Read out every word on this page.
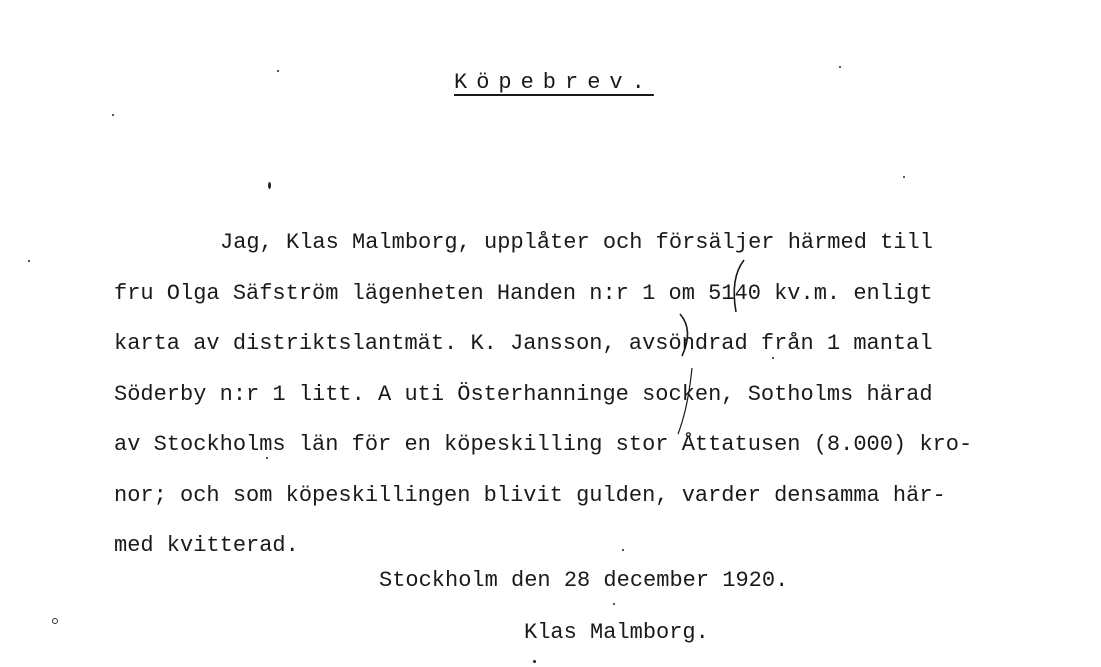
Köpebrev.
Jag, Klas Malmborg, upplåter och försäljer härmed till
fru Olga Säfström lägenheten Handen n:r 1 om 5140 kv.m. enligt
karta av distriktslantmät. K. Jansson, avsöndrad från 1 mantal
Söderby n:r 1 litt. A uti Österhanninge socken, Sotholms härad
av Stockholms län för en köpeskilling stor Åttatusen (8.000) kro-
nor; och som köpeskillingen blivit gulden, varder densamma här-
med kvitterad.
Stockholm den 28 december 1920.
Klas Malmborg.
